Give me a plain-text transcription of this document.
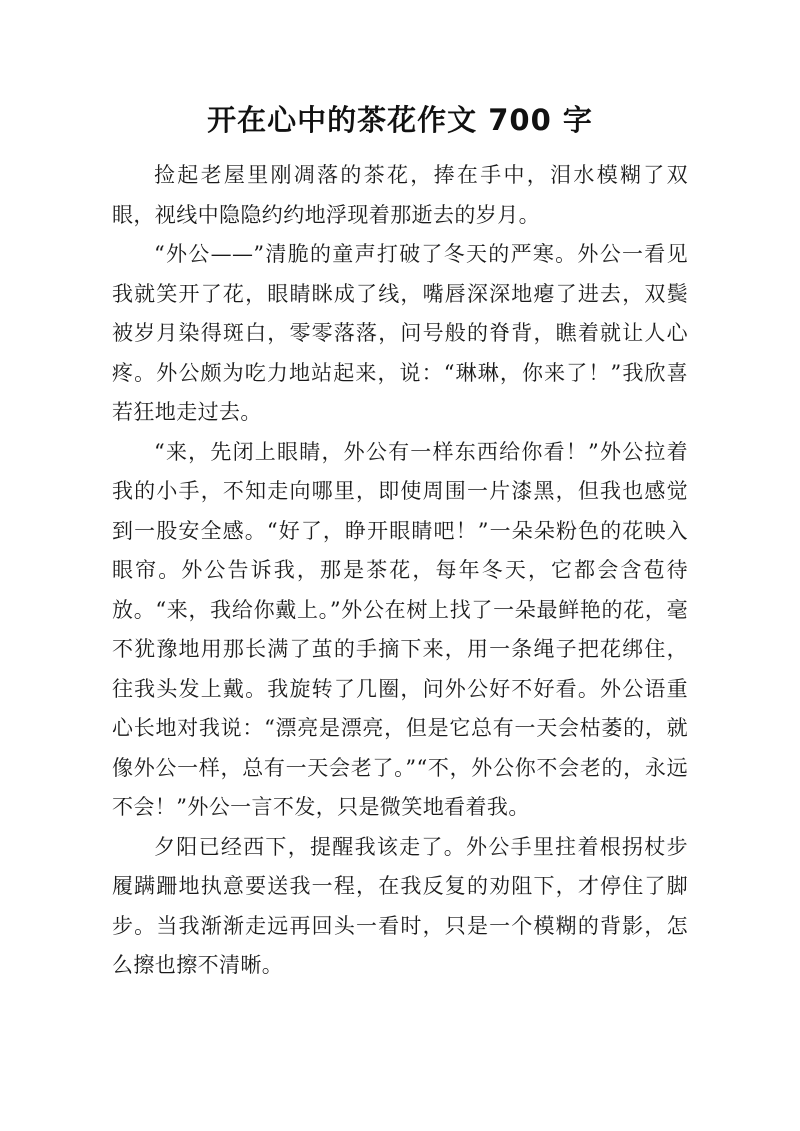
开在心中的茶花作文 700 字

捡起老屋里刚凋落的茶花，捧在手中，泪水模糊了双眼，视线中隐隐约约地浮现着那逝去的岁月。

“外公——”清脆的童声打破了冬天的严寒。外公一看见我就笑开了花，眼睛眯成了线，嘴唇深深地瘪了进去，双鬓被岁月染得斑白，零零落落，问号般的脊背，瞧着就让人心疼。外公颇为吃力地站起来，说：“琳琳，你来了！”我欣喜若狂地走过去。

“来，先闭上眼睛，外公有一样东西给你看！”外公拉着我的小手，不知走向哪里，即使周围一片漆黑，但我也感觉到一股安全感。“好了，睁开眼睛吧！”一朵朵粉色的花映入眼帘。外公告诉我，那是茶花，每年冬天，它都会含苞待放。“来，我给你戴上。”外公在树上找了一朵最鲜艳的花，毫不犹豫地用那长满了茧的手摘下来，用一条绳子把花绑住，往我头发上戴。我旋转了几圈，问外公好不好看。外公语重心长地对我说：“漂亮是漂亮，但是它总有一天会枯萎的，就像外公一样，总有一天会老了。”“不，外公你不会老的，永远不会！”外公一言不发，只是微笑地看着我。

夕阳已经西下，提醒我该走了。外公手里拄着根拐杖步履蹒跚地执意要送我一程，在我反复的劝阻下，才停住了脚步。当我渐渐走远再回头一看时，只是一个模糊的背影，怎么擦也擦不清晰。
